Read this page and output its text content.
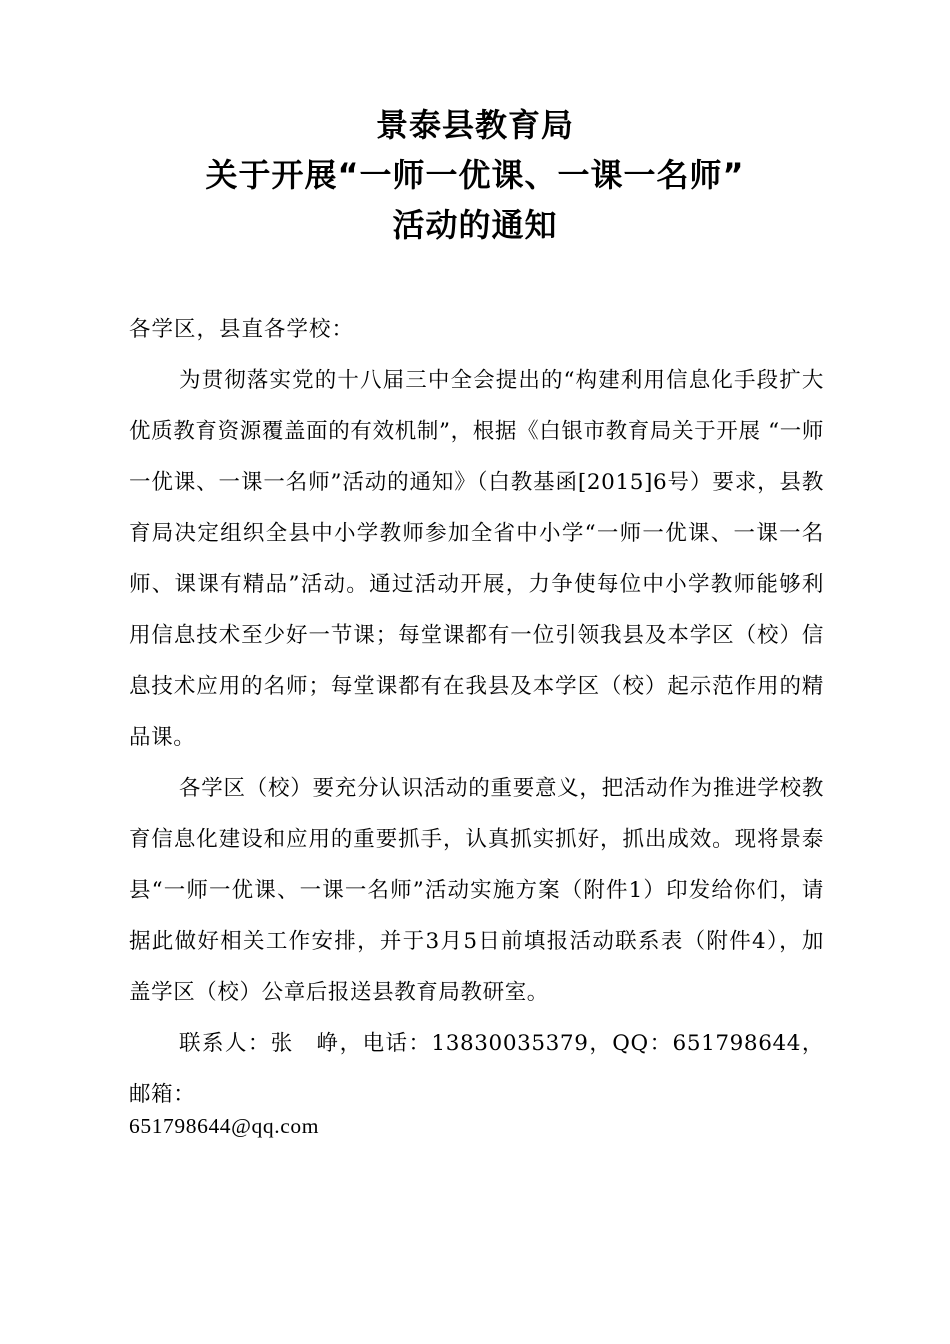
景泰县教育局
关于开展“一师一优课、一课一名师”
活动的通知

各学区，县直各学校：

为贯彻落实党的十八届三中全会提出的“构建利用信息化手段扩大优质教育资源覆盖面的有效机制”，根据《白银市教育局关于开展 “一师一优课、一课一名师”活动的通知》（白教基函[2015]6号）要求，县教育局决定组织全县中小学教师参加全省中小学“一师一优课、一课一名师、课课有精品”活动。通过活动开展，力争使每位中小学教师能够利用信息技术至少好一节课；每堂课都有一位引领我县及本学区（校）信息技术应用的名师；每堂课都有在我县及本学区（校）起示范作用的精品课。

各学区（校）要充分认识活动的重要意义，把活动作为推进学校教育信息化建设和应用的重要抓手，认真抓实抓好，抓出成效。现将景泰县“一师一优课、一课一名师”活动实施方案（附件1）印发给你们，请据此做好相关工作安排，并于3月5日前填报活动联系表（附件4），加盖学区（校）公章后报送县教育局教研室。

联系人：张　峥，电话：13830035379，QQ：651798644，邮箱：

651798644@qq.com
